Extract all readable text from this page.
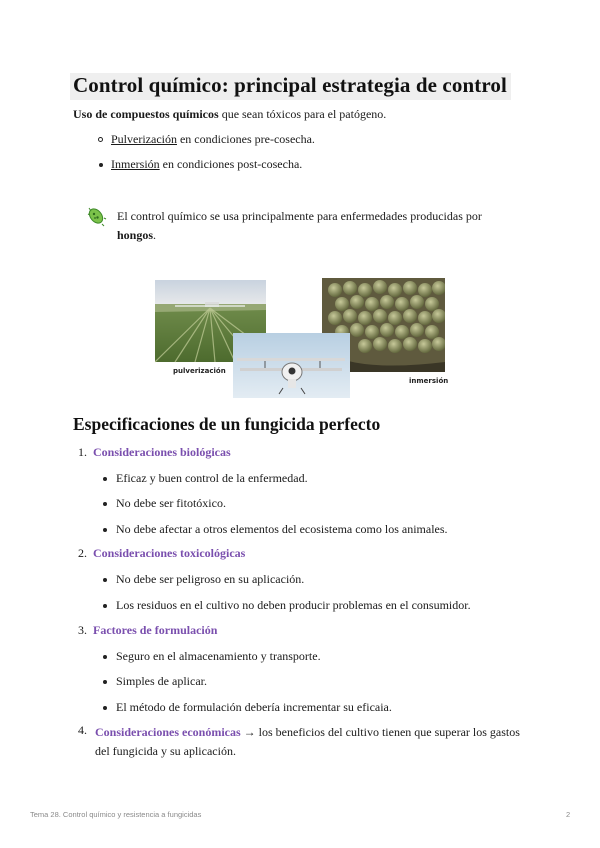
Control químico: principal estrategia de control
Uso de compuestos químicos que sean tóxicos para el patógeno.
Pulverización en condiciones pre-cosecha.
Inmersión en condiciones post-cosecha.
El control químico se usa principalmente para enfermedades producidas por hongos.
pulverización
inmersión
Especificaciones de un fungicida perfecto
1. Consideraciones biológicas
Eficaz y buen control de la enfermedad.
No debe ser fitotóxico.
No debe afectar a otros elementos del ecosistema como los animales.
2. Consideraciones toxicológicas
No debe ser peligroso en su aplicación.
Los residuos en el cultivo no deben producir problemas en el consumidor.
3. Factores de formulación
Seguro en el almacenamiento y transporte.
Simples de aplicar.
El método de formulación debería incrementar su eficaia.
4. Consideraciones económicas → los beneficios del cultivo tienen que superar los gastos del fungicida y su aplicación.
Tema 28. Control químico y resistencia a fungicidas	2
